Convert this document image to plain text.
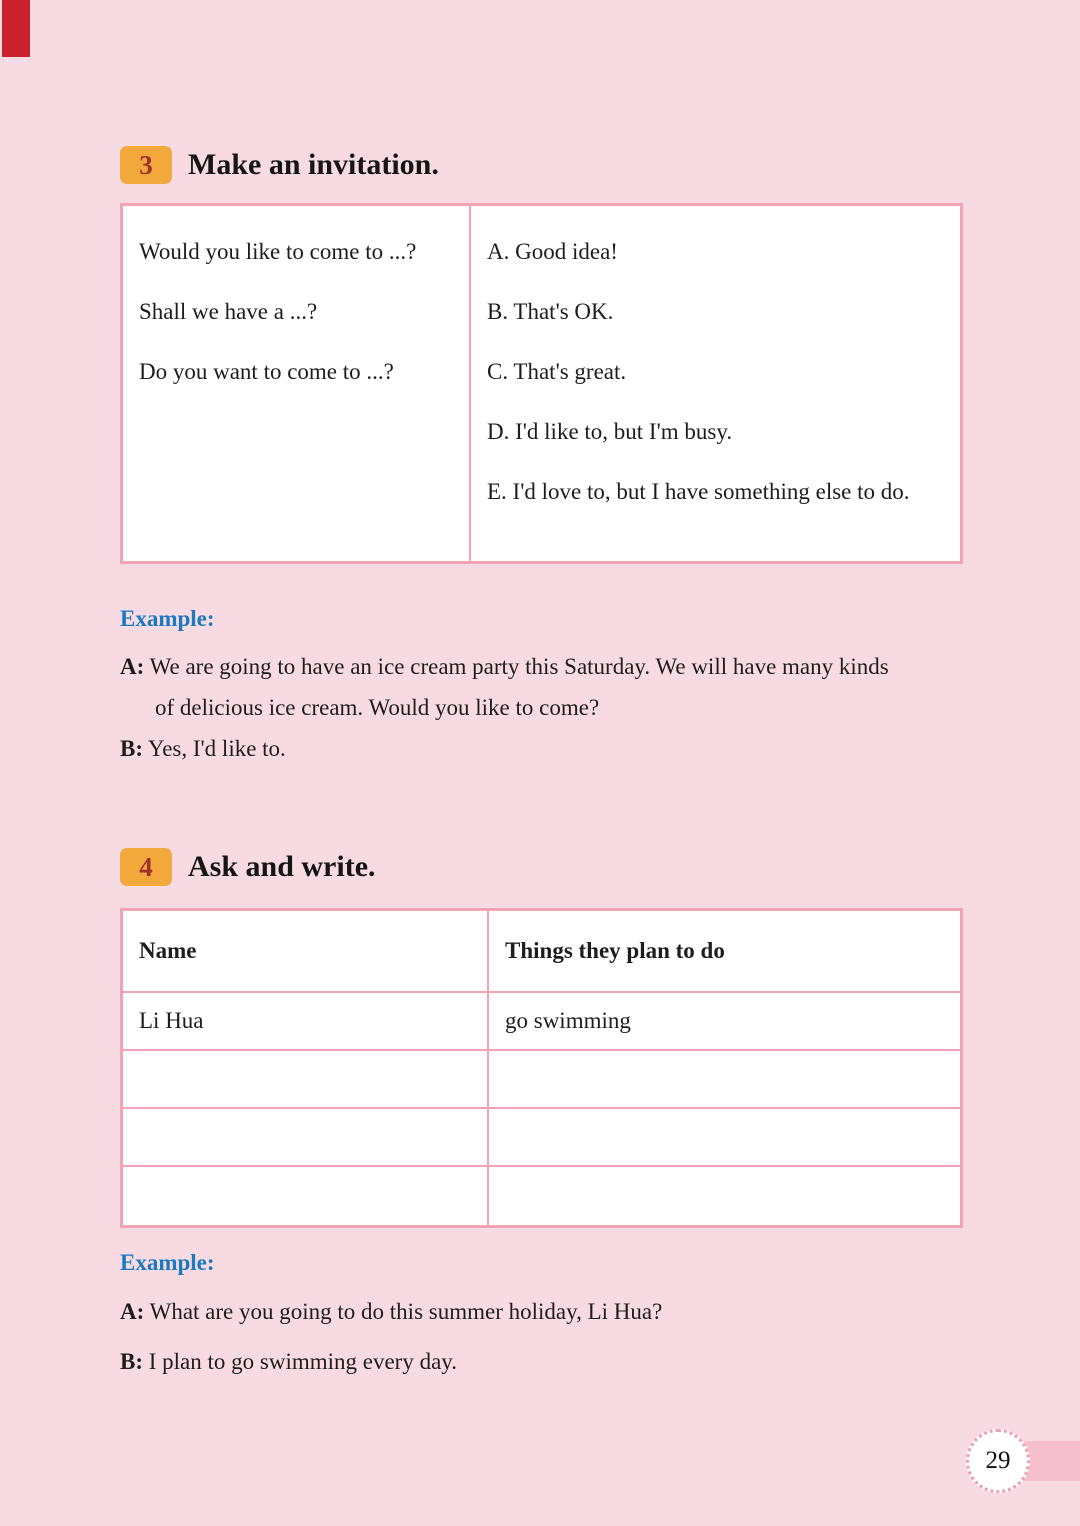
3	Make an invitation.
Would you like to come to ...?
Shall we have a ...?
Do you want to come to ...?
A. Good idea!
B. That's OK.
C. That's great.
D. I'd like to, but I'm busy.
E. I'd love to, but I have something else to do.
Example:
A: We are going to have an ice cream party this Saturday. We will have many kinds
of delicious ice cream. Would you like to come?
B: Yes, I'd like to.
4	Ask and write.
Name	Things they plan to do
Li Hua	go swimming
Example:
A: What are you going to do this summer holiday, Li Hua?
B: I plan to go swimming every day.
29
